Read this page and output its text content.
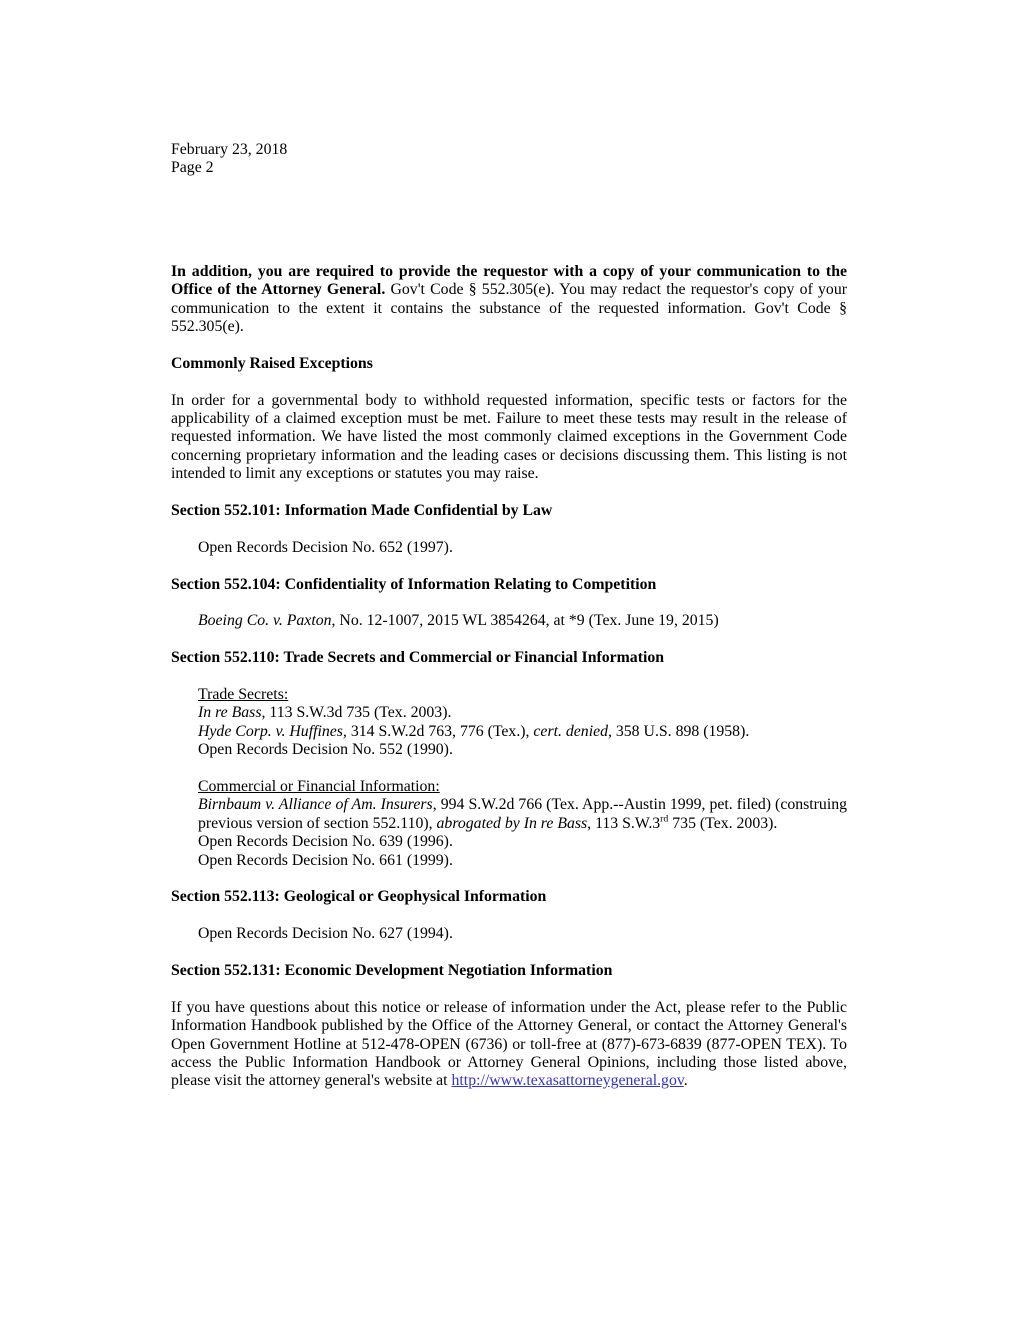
February 23, 2018
Page 2

In addition, you are required to provide the requestor with a copy of your communication to the Office of the Attorney General. Gov't Code § 552.305(e). You may redact the requestor's copy of your communication to the extent it contains the substance of the requested information. Gov't Code § 552.305(e).

Commonly Raised Exceptions

In order for a governmental body to withhold requested information, specific tests or factors for the applicability of a claimed exception must be met. Failure to meet these tests may result in the release of requested information. We have listed the most commonly claimed exceptions in the Government Code concerning proprietary information and the leading cases or decisions discussing them. This listing is not intended to limit any exceptions or statutes you may raise.

Section 552.101: Information Made Confidential by Law
Open Records Decision No. 652 (1997).
Section 552.104: Confidentiality of Information Relating to Competition
Boeing Co. v. Paxton, No. 12-1007, 2015 WL 3854264, at *9 (Tex. June 19, 2015)
Section 552.110: Trade Secrets and Commercial or Financial Information
Trade Secrets:
In re Bass, 113 S.W.3d 735 (Tex. 2003).
Hyde Corp. v. Huffines, 314 S.W.2d 763, 776 (Tex.), cert. denied, 358 U.S. 898 (1958).
Open Records Decision No. 552 (1990).
Commercial or Financial Information:

Birnbaum v. Alliance of Am. Insurers, 994 S.W.2d 766 (Tex. App.--Austin 1999, pet. filed) (construing previous version of section 552.110), abrogated by In re Bass, 113 S.W.3rd 735 (Tex. 2003).

Open Records Decision No. 639 (1996).
Open Records Decision No. 661 (1999).
Section 552.113: Geological or Geophysical Information
Open Records Decision No. 627 (1994).
Section 552.131: Economic Development Negotiation Information

If you have questions about this notice or release of information under the Act, please refer to the Public Information Handbook published by the Office of the Attorney General, or contact the Attorney General's Open Government Hotline at 512-478-OPEN (6736) or toll-free at (877)-673-6839 (877-OPEN TEX). To access the Public Information Handbook or Attorney General Opinions, including those listed above, please visit the attorney general's website at http://www.texasattorneygeneral.gov.
